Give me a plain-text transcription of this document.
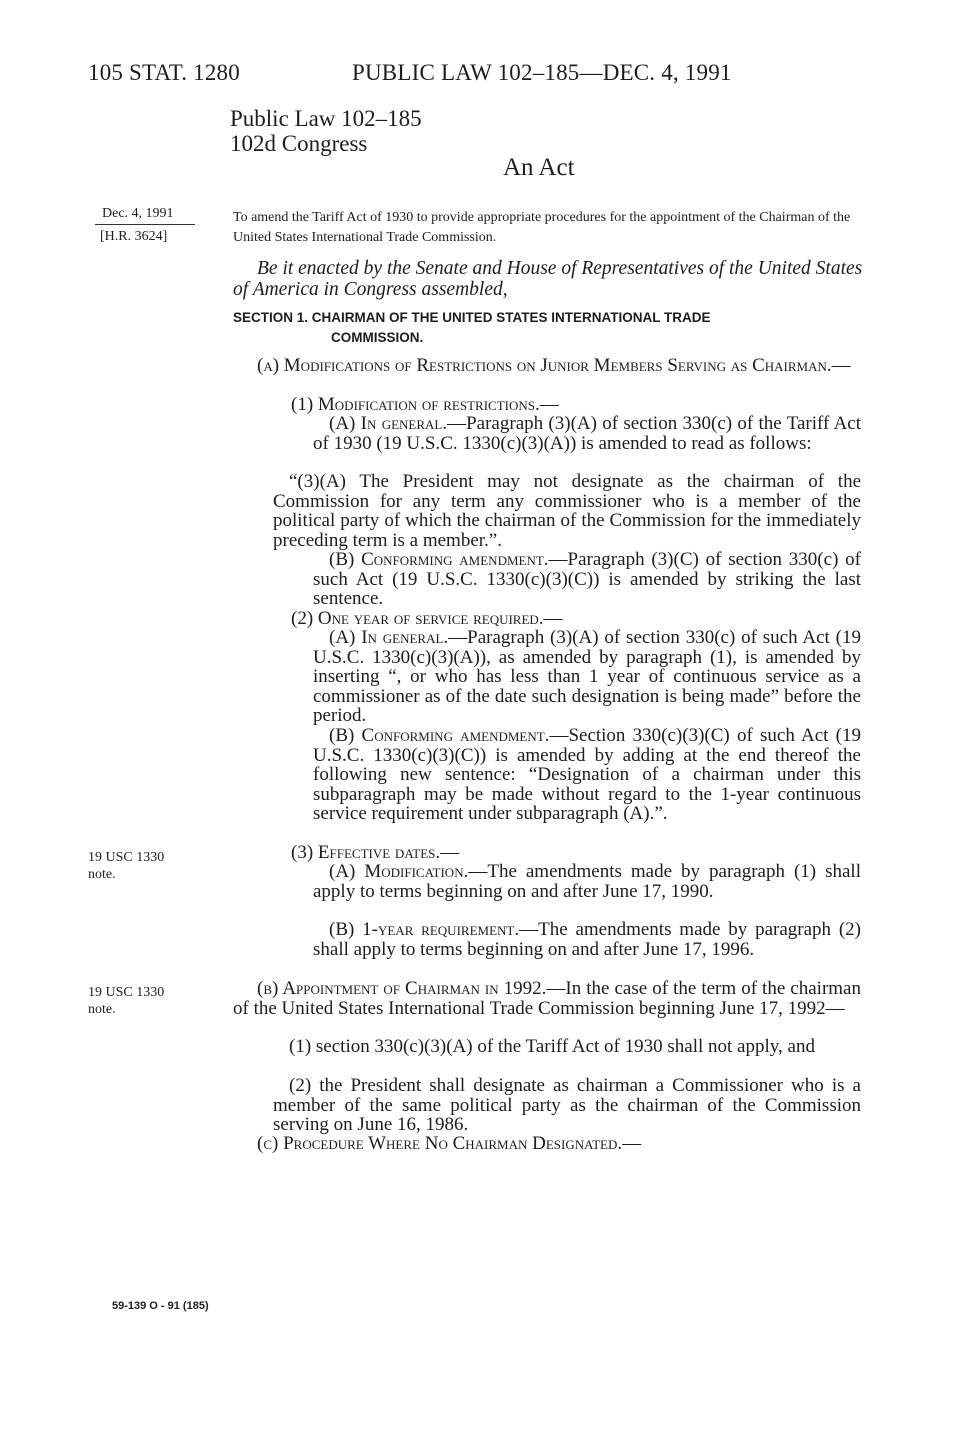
105 STAT. 1280	PUBLIC LAW 102–185—DEC. 4, 1991
Public Law 102–185
102d Congress
An Act
Dec. 4, 1991
[H.R. 3624]
19 USC 1330
note.
19 USC 1330
note.
To amend the Tariff Act of 1930 to provide appropriate procedures for the appointment of the Chairman of the United States International Trade Commission.
Be it enacted by the Senate and House of Representatives of the United States of America in Congress assembled,
SECTION 1. CHAIRMAN OF THE UNITED STATES INTERNATIONAL TRADE
COMMISSION.
(a) Modifications of Restrictions on Junior Members Serving as Chairman.—
(1) Modification of restrictions.—
(A) In general.—Paragraph (3)(A) of section 330(c) of the Tariff Act of 1930 (19 U.S.C. 1330(c)(3)(A)) is amended to read as follows:
“(3)(A) The President may not designate as the chairman of the Commission for any term any commissioner who is a member of the political party of which the chairman of the Commission for the immediately preceding term is a member.”.
(B) Conforming amendment.—Paragraph (3)(C) of section 330(c) of such Act (19 U.S.C. 1330(c)(3)(C)) is amended by striking the last sentence.
(2) One year of service required.—
(A) In general.—Paragraph (3)(A) of section 330(c) of such Act (19 U.S.C. 1330(c)(3)(A)), as amended by paragraph (1), is amended by inserting “, or who has less than 1 year of continuous service as a commissioner as of the date such designation is being made” before the period.
(B) Conforming amendment.—Section 330(c)(3)(C) of such Act (19 U.S.C. 1330(c)(3)(C)) is amended by adding at the end thereof the following new sentence: “Designation of a chairman under this subparagraph may be made without regard to the 1-year continuous service requirement under subparagraph (A).”.
(3) Effective dates.—
(A) Modification.—The amendments made by paragraph (1) shall apply to terms beginning on and after June 17, 1990.
(B) 1-year requirement.—The amendments made by paragraph (2) shall apply to terms beginning on and after June 17, 1996.
(b) Appointment of Chairman in 1992.—In the case of the term of the chairman of the United States International Trade Commission beginning June 17, 1992—
(1) section 330(c)(3)(A) of the Tariff Act of 1930 shall not apply, and
(2) the President shall designate as chairman a Commissioner who is a member of the same political party as the chairman of the Commission serving on June 16, 1986.
(c) Procedure Where No Chairman Designated.—
59-139 O - 91 (185)
